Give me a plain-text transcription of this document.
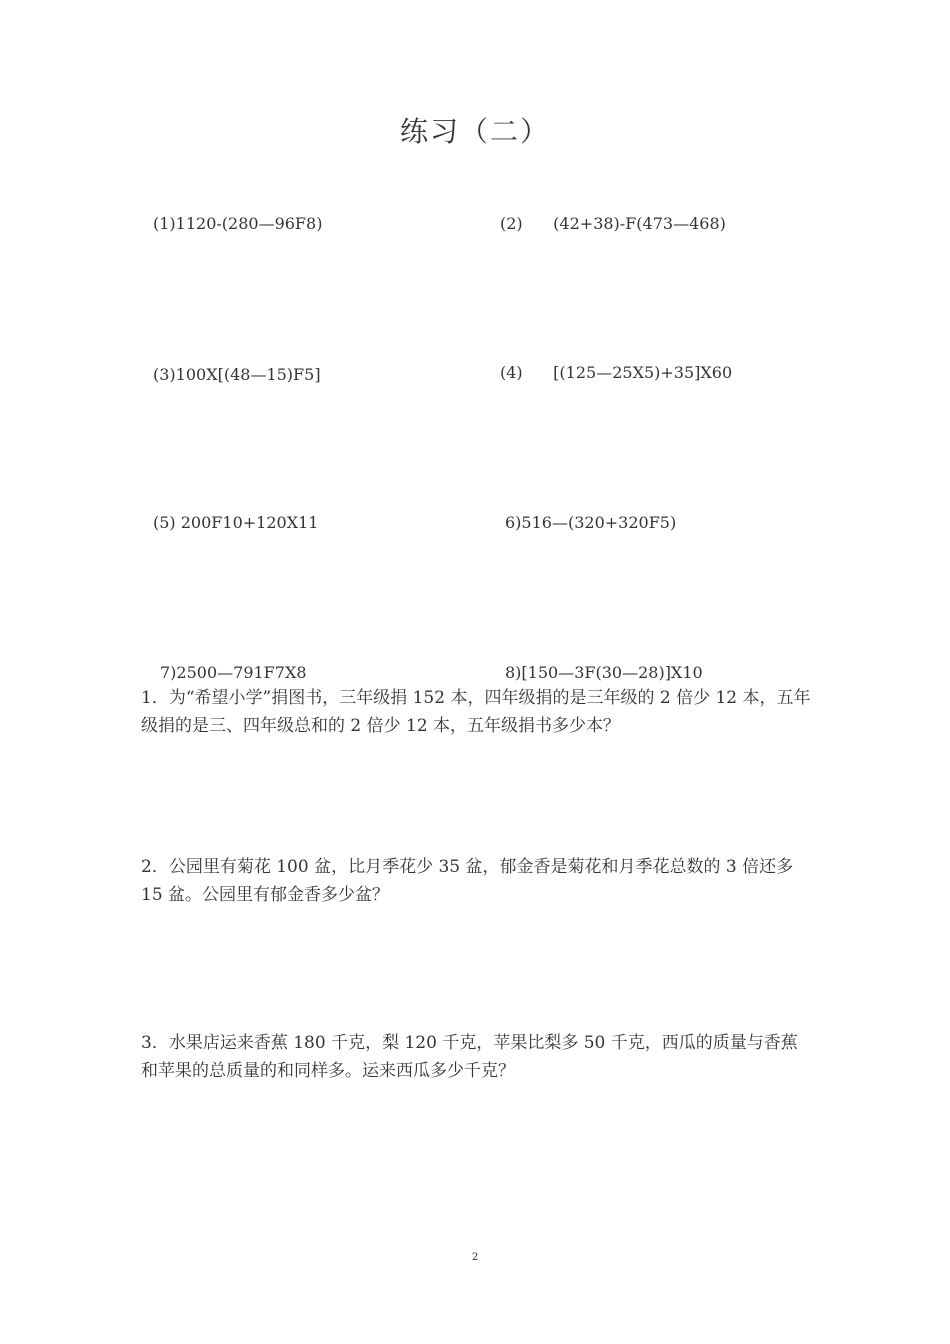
练习（二）
(1)1120-(280—96F8)	(2)      (42+38)-F(473—468)
(3)100X[(48—15)F5]	(4)      [(125—25X5)+35]X60
(5) 200F10+120X11	6)516—(320+320F5)
7)2500—791F7X8	8)[150—3F(30—28)]X10
1．为“希望小学”捐图书，三年级捐 152 本，四年级捐的是三年级的 2 倍少 12 本，五年级捐的是三、四年级总和的 2 倍少 12 本，五年级捐书多少本？
2．公园里有菊花 100 盆，比月季花少 35 盆，郁金香是菊花和月季花总数的 3 倍还多 15 盆。公园里有郁金香多少盆？
3．水果店运来香蕉 180 千克，梨 120 千克，苹果比梨多 50 千克，西瓜的质量与香蕉和苹果的总质量的和同样多。运来西瓜多少千克？
2
